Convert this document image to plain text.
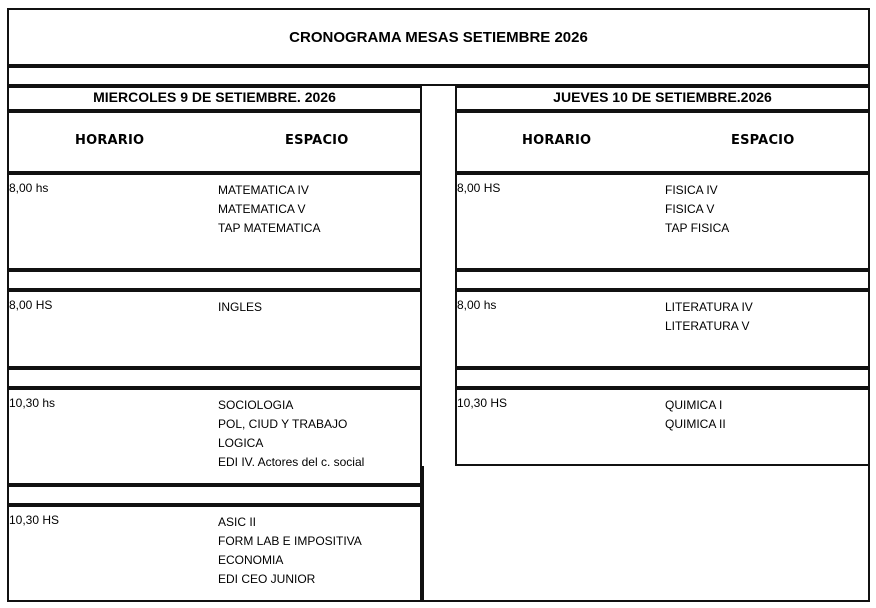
CRONOGRAMA MESAS SETIEMBRE 2026
MIERCOLES 9 DE SETIEMBRE. 2026
HORARIO	ESPACIO
8,00 hs	MATEMATICA IV
MATEMATICA V
TAP MATEMATICA
8,00 HS	INGLES
10,30 hs	SOCIOLOGIA
POL, CIUD Y TRABAJO
LOGICA
EDI IV. Actores del c. social
10,30 HS	ASIC II
FORM LAB E IMPOSITIVA
ECONOMIA
EDI CEO JUNIOR
JUEVES 10 DE SETIEMBRE.2026
HORARIO	ESPACIO
8,00 HS	FISICA IV
FISICA V
TAP FISICA
8,00 hs	LITERATURA IV
LITERATURA V
10,30 HS	QUIMICA I
QUIMICA II
